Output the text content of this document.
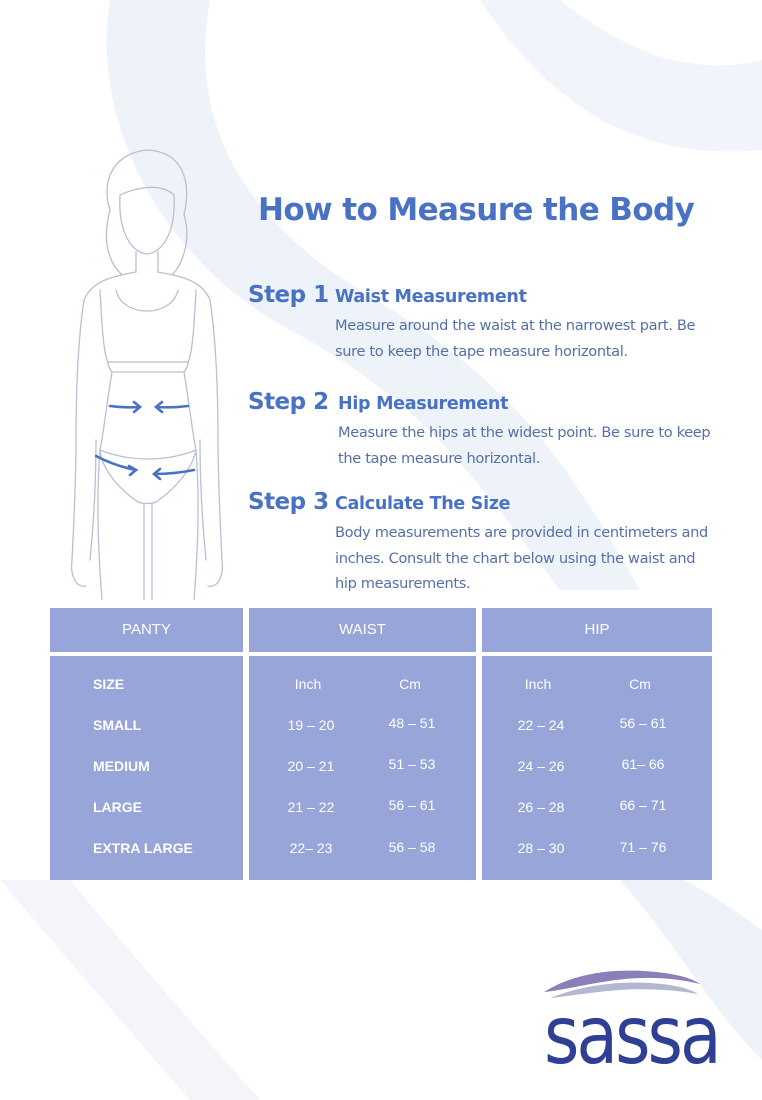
How to Measure the Body
Step 1 Waist Measurement
Measure around the waist at the narrowest part. Be sure to keep the tape measure horizontal.
Step 2 Hip Measurement
Measure the hips at the widest point. Be sure to keep the tape measure horizontal.
Step 3 Calculate The Size
Body measurements are provided in centimeters and inches. Consult the chart below using the waist and hip measurements.
PANTY	WAIST	HIP
SIZE	Inch	Cm	Inch	Cm
SMALL	19 – 20	48 – 51	22 – 24	56 – 61
MEDIUM	20 – 21	51 – 53	24 – 26	61– 66
LARGE	21 – 22	56 – 61	26 – 28	66 – 71
EXTRA LARGE	22– 23	56 – 58	28 – 30	71 – 76
sassa
